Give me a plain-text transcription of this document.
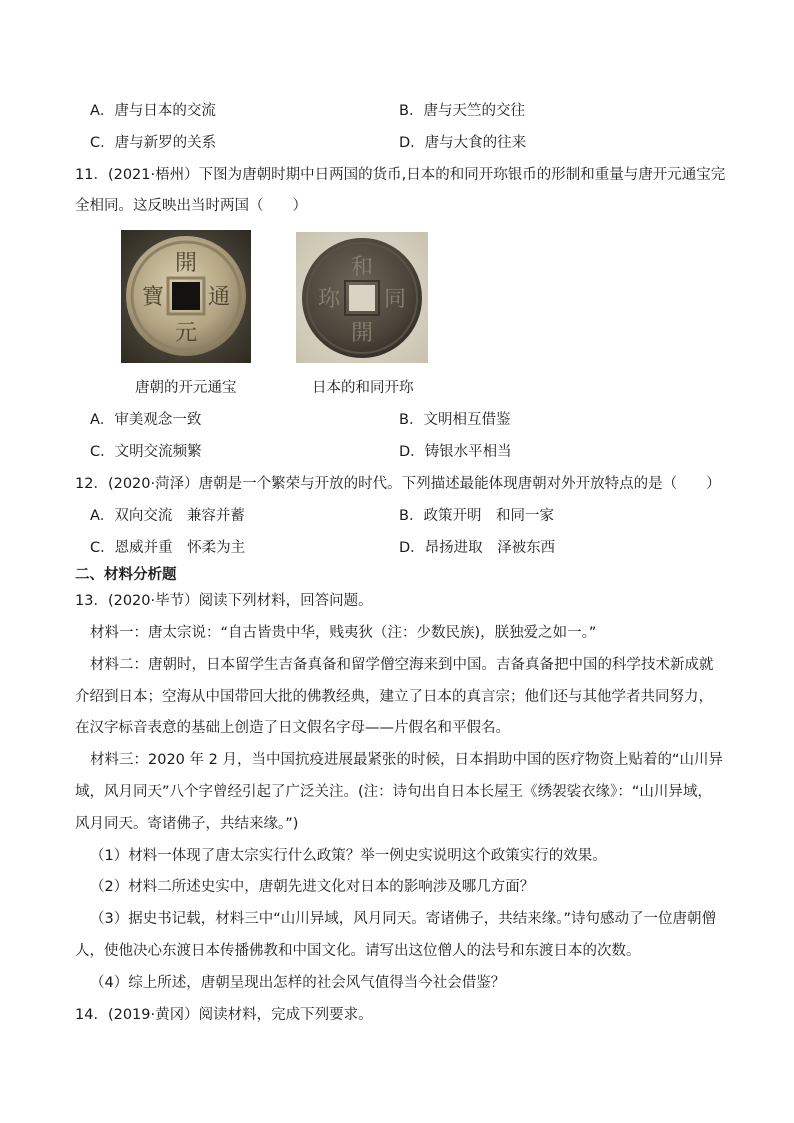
A．唐与日本的交流	B．唐与天竺的交往
C．唐与新罗的关系	D．唐与大食的往来
11．(2021·梧州）下图为唐朝时期中日两国的货币,日本的和同开珎银币的形制和重量与唐开元通宝完
全相同。这反映出当时两国（　　）
開
通
元
寶
和
同
開
珎
唐朝的开元通宝	日本的和同开珎
A．审美观念一致	B．文明相互借鉴
C．文明交流频繁	D．铸银水平相当
12．(2020·菏泽）唐朝是一个繁荣与开放的时代。下列描述最能体现唐朝对外开放特点的是（　　）
A．双向交流　兼容并蓄	B．政策开明　和同一家
C．恩威并重　怀柔为主	D．昂扬进取　泽被东西
二、材料分析题
13．(2020·毕节）阅读下列材料，回答问题。
材料一：唐太宗说：“自古皆贵中华，贱夷狄（注：少数民族)，朕独爱之如一。”
材料二：唐朝时，日本留学生吉备真备和留学僧空海来到中国。吉备真备把中国的科学技术新成就
介绍到日本；空海从中国带回大批的佛教经典，建立了日本的真言宗；他们还与其他学者共同努力，
在汉字标音表意的基础上创造了日文假名字母——片假名和平假名。
材料三：2020 年 2 月，当中国抗疫进展最紧张的时候，日本捐助中国的医疗物资上贴着的“山川异
域，风月同天”八个字曾经引起了广泛关注。(注：诗句出自日本长屋王《绣袈裟衣缘》：“山川异域，
风月同天。寄诸佛子，共结来缘。”)
（1）材料一体现了唐太宗实行什么政策？举一例史实说明这个政策实行的效果。
（2）材料二所述史实中，唐朝先进文化对日本的影响涉及哪几方面？
（3）据史书记载，材料三中“山川异域，风月同天。寄诸佛子，共结来缘。”诗句感动了一位唐朝僧
人，使他决心东渡日本传播佛教和中国文化。请写出这位僧人的法号和东渡日本的次数。
（4）综上所述，唐朝呈现出怎样的社会风气值得当今社会借鉴？
14．(2019·黄冈）阅读材料，完成下列要求。
